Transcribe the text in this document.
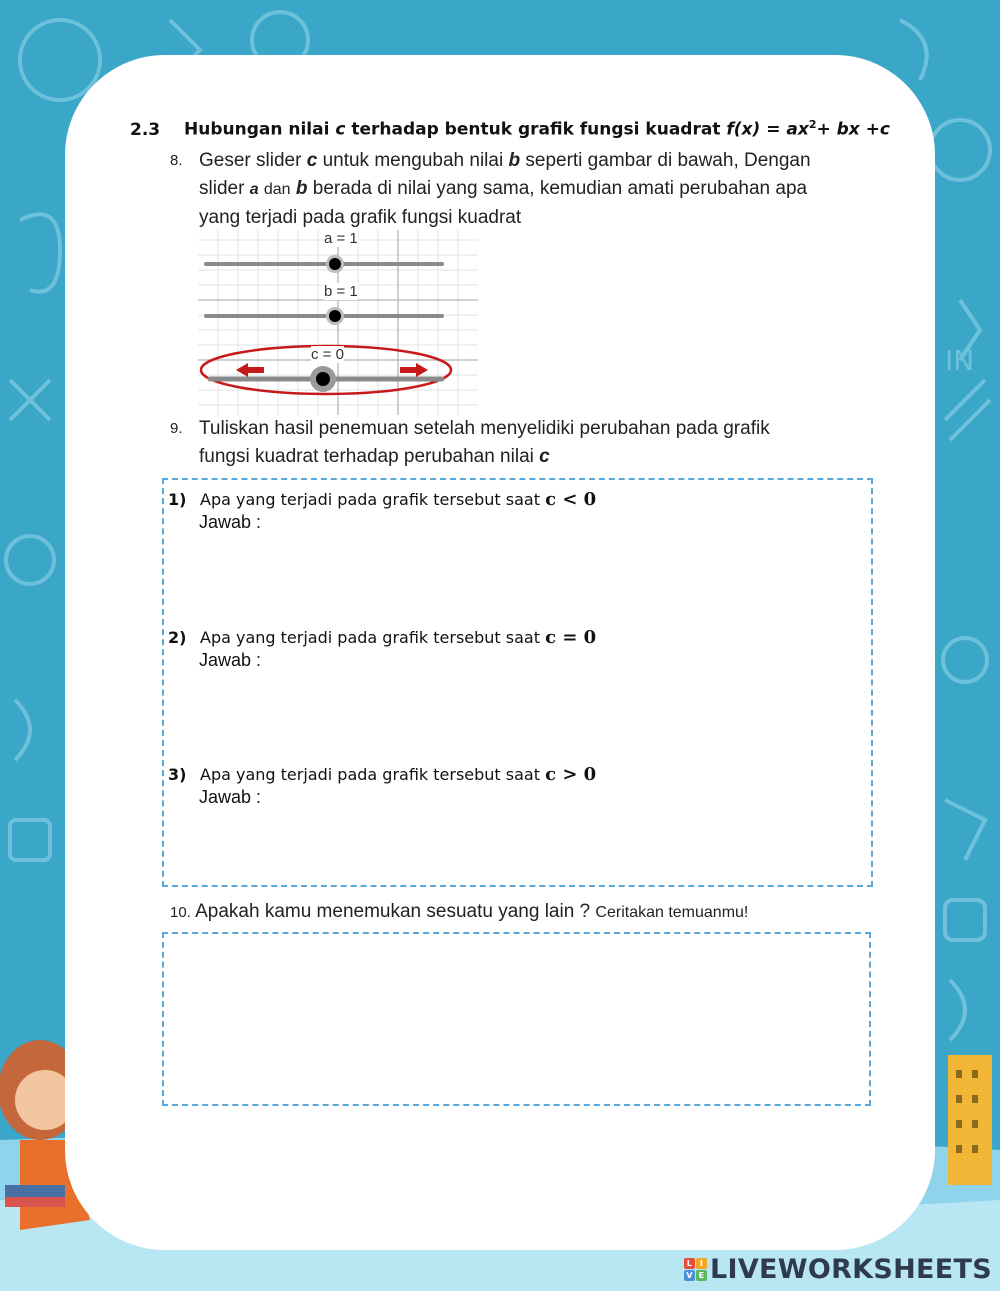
IN
2.3 Hubungan nilai c terhadap bentuk grafik fungsi kuadrat $f(x) = ax^2+$ bx +c
8. Geser slider c untuk mengubah nilai b seperti gambar di bawah, Dengan
slider a dan b berada di nilai yang sama, kemudian amati perubahan apa
yang terjadi pada grafik fungsi kuadrat
a = 1
b = 1
c = 0
9. Tuliskan hasil penemuan setelah menyelidiki perubahan pada grafik
fungsi kuadrat terhadap perubahan nilai c
1) Apa yang terjadi pada grafik tersebut saat c < 0
Jawab :
2) Apa yang terjadi pada grafik tersebut saat c = 0
Jawab :
3) Apa yang terjadi pada grafik tersebut saat c > 0
Jawab :
10. Apakah kamu menemukan sesuatu yang lain ? Ceritakan temuanmu!
L I
V E LIVEWORKSHEETS
